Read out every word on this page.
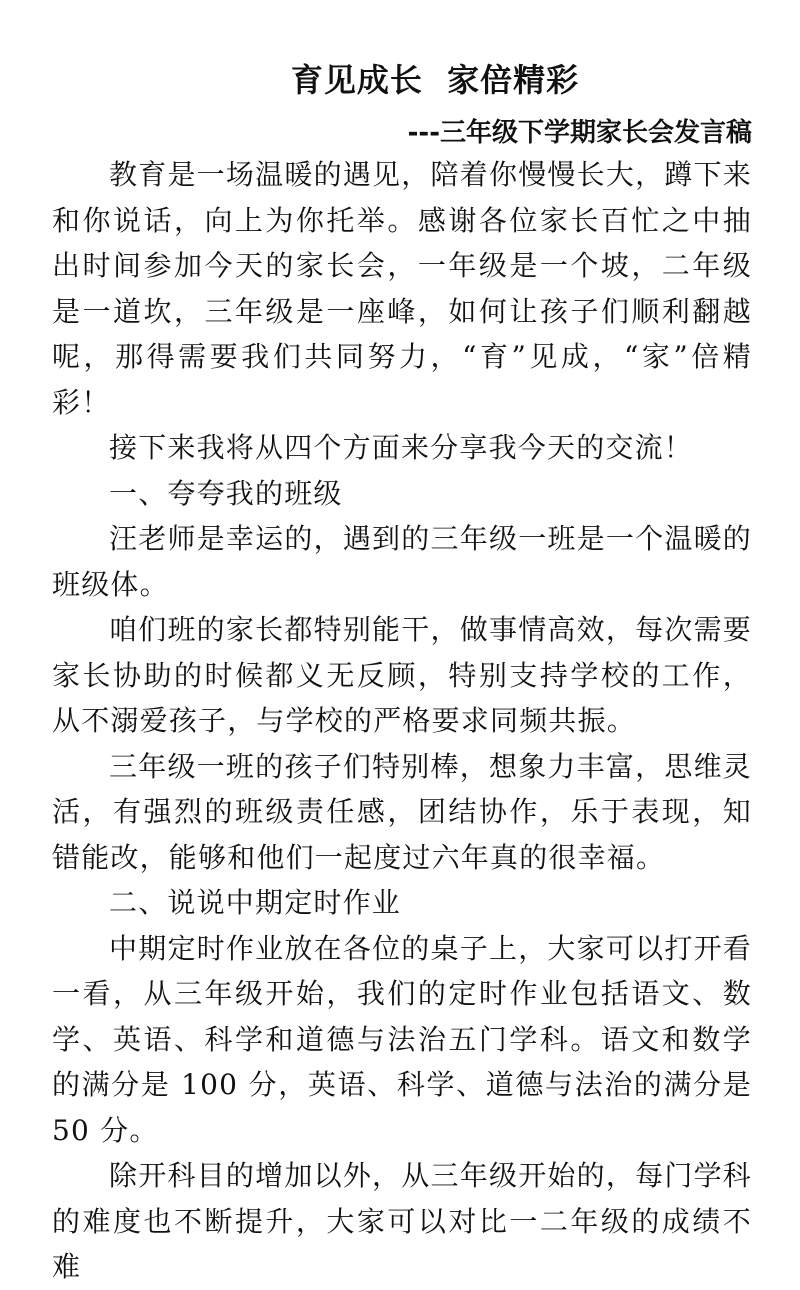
育见成长  家倍精彩
---三年级下学期家长会发言稿

教育是一场温暖的遇见，陪着你慢慢长大，蹲下来和你说话，向上为你托举。感谢各位家长百忙之中抽出时间参加今天的家长会，一年级是一个坡，二年级是一道坎，三年级是一座峰，如何让孩子们顺利翻越呢，那得需要我们共同努力，“育”见成，“家”倍精彩！

接下来我将从四个方面来分享我今天的交流！

一、夸夸我的班级

汪老师是幸运的，遇到的三年级一班是一个温暖的班级体。

咱们班的家长都特别能干，做事情高效，每次需要家长协助的时候都义无反顾，特别支持学校的工作，从不溺爱孩子，与学校的严格要求同频共振。

三年级一班的孩子们特别棒，想象力丰富，思维灵活，有强烈的班级责任感，团结协作，乐于表现，知错能改，能够和他们一起度过六年真的很幸福。

二、说说中期定时作业

中期定时作业放在各位的桌子上，大家可以打开看一看，从三年级开始，我们的定时作业包括语文、数学、英语、科学和道德与法治五门学科。语文和数学的满分是 100 分，英语、科学、道德与法治的满分是 50 分。

除开科目的增加以外，从三年级开始的，每门学科的难度也不断提升，大家可以对比一二年级的成绩不难
